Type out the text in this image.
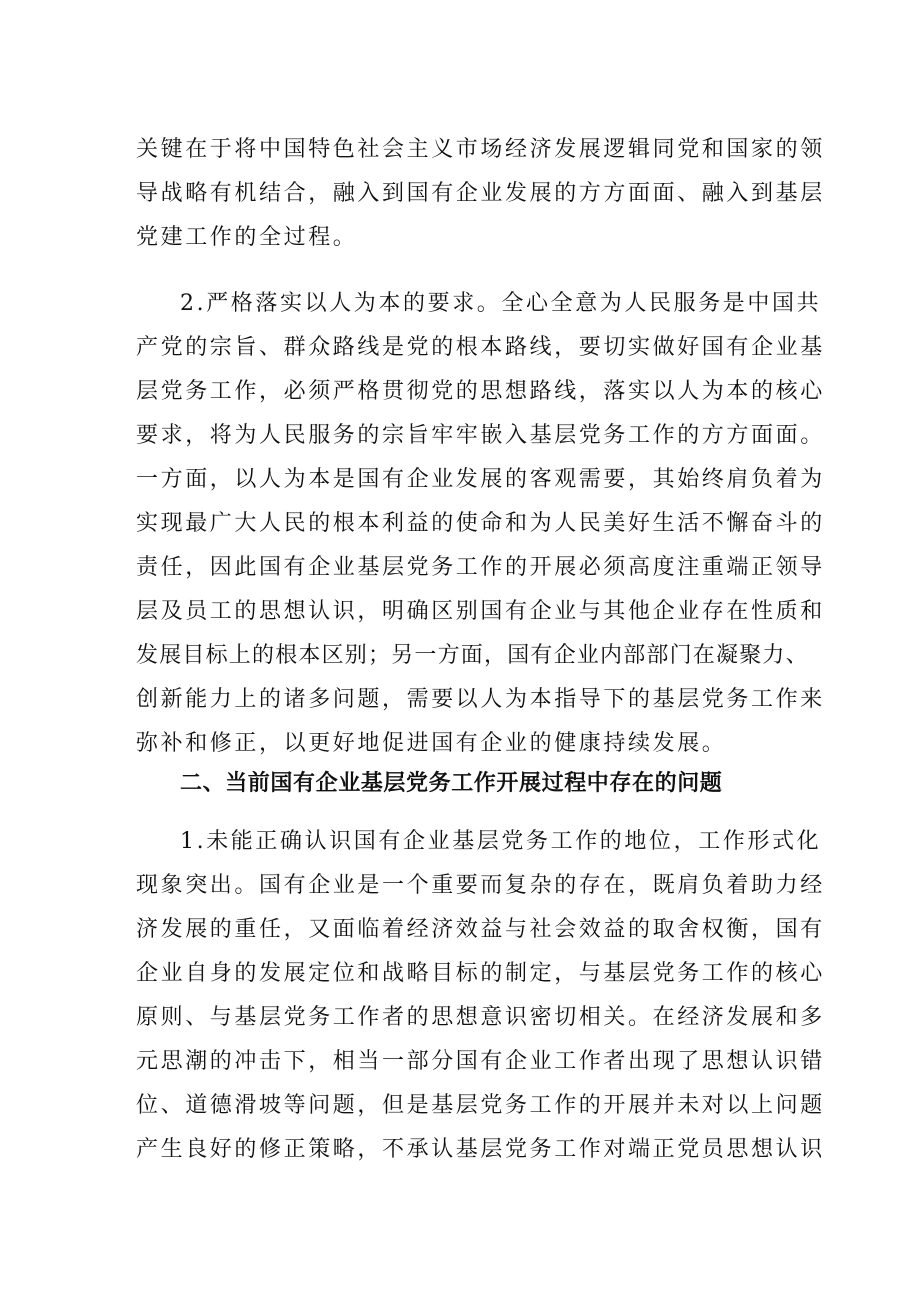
关键在于将中国特色社会主义市场经济发展逻辑同党和国家的领
导战略有机结合，融入到国有企业发展的方方面面、融入到基层
党建工作的全过程。
2.严格落实以人为本的要求。全心全意为人民服务是中国共
产党的宗旨、群众路线是党的根本路线，要切实做好国有企业基
层党务工作，必须严格贯彻党的思想路线，落实以人为本的核心
要求，将为人民服务的宗旨牢牢嵌入基层党务工作的方方面面。
一方面，以人为本是国有企业发展的客观需要，其始终肩负着为
实现最广大人民的根本利益的使命和为人民美好生活不懈奋斗的
责任，因此国有企业基层党务工作的开展必须高度注重端正领导
层及员工的思想认识，明确区别国有企业与其他企业存在性质和
发展目标上的根本区别；另一方面，国有企业内部部门在凝聚力、
创新能力上的诸多问题，需要以人为本指导下的基层党务工作来
弥补和修正，以更好地促进国有企业的健康持续发展。
二、当前国有企业基层党务工作开展过程中存在的问题
1.未能正确认识国有企业基层党务工作的地位，工作形式化
现象突出。国有企业是一个重要而复杂的存在，既肩负着助力经
济发展的重任，又面临着经济效益与社会效益的取舍权衡，国有
企业自身的发展定位和战略目标的制定，与基层党务工作的核心
原则、与基层党务工作者的思想意识密切相关。在经济发展和多
元思潮的冲击下，相当一部分国有企业工作者出现了思想认识错
位、道德滑坡等问题，但是基层党务工作的开展并未对以上问题
产生良好的修正策略，不承认基层党务工作对端正党员思想认识
